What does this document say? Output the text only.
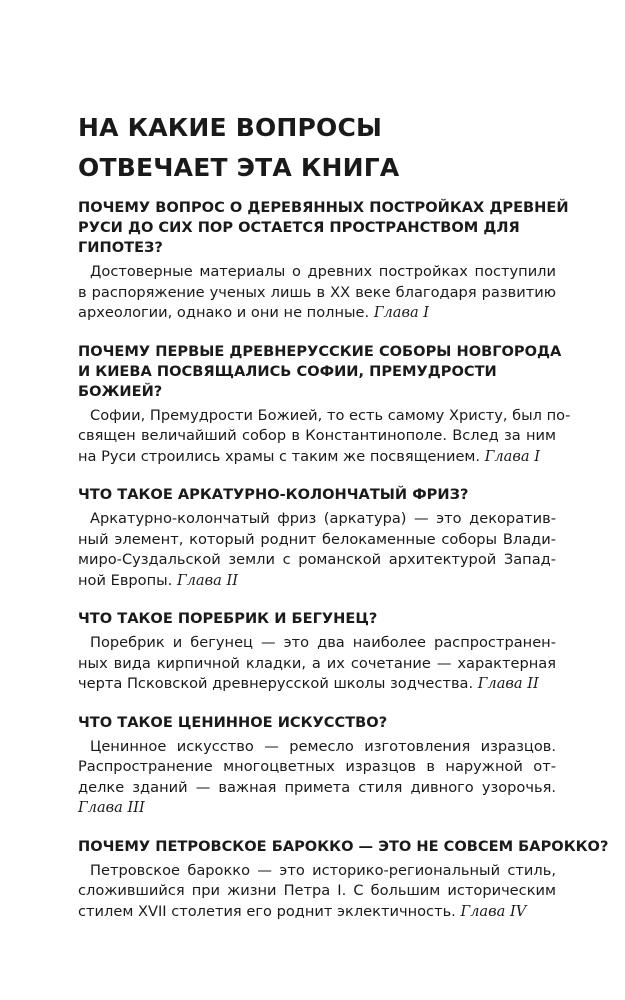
НА КАКИЕ ВОПРОСЫ
ОТВЕЧАЕТ ЭТА КНИГА
ПОЧЕМУ ВОПРОС О ДЕРЕВЯННЫХ ПОСТРОЙКАХ ДРЕВНЕЙ
РУСИ ДО СИХ ПОР ОСТАЕТСЯ ПРОСТРАНСТВОМ ДЛЯ
ГИПОТЕЗ?
Достоверные материалы о древних постройках поступили
в распоряжение ученых лишь в XX веке благодаря развитию
археологии, однако и они не полные. Глава I
ПОЧЕМУ ПЕРВЫЕ ДРЕВНЕРУССКИЕ СОБОРЫ НОВГОРОДА
И КИЕВА ПОСВЯЩАЛИСЬ СОФИИ, ПРЕМУДРОСТИ
БОЖИЕЙ?
Софии, Премудрости Божией, то есть самому Христу, был по-
священ величайший собор в Константинополе. Вслед за ним
на Руси строились храмы с таким же посвящением. Глава I
ЧТО ТАКОЕ АРКАТУРНО-КОЛОНЧАТЫЙ ФРИЗ?
Аркатурно-колончатый фриз (аркатура) — это декоратив-
ный элемент, который роднит белокаменные соборы Влади-
миро-Суздальской земли с романской архитектурой Запад-
ной Европы. Глава II
ЧТО ТАКОЕ ПОРЕБРИК И БЕГУНЕЦ?
Поребрик и бегунец — это два наиболее распространен-
ных вида кирпичной кладки, а их сочетание — характерная
черта Псковской древнерусской школы зодчества. Глава II
ЧТО ТАКОЕ ЦЕНИННОЕ ИСКУССТВО?
Ценинное искусство — ремесло изготовления изразцов.
Распространение многоцветных изразцов в наружной от-
делке зданий — важная примета стиля дивного узорочья.
Глава III
ПОЧЕМУ ПЕТРОВСКОЕ БАРОККО — ЭТО НЕ СОВСЕМ БАРОККО?
Петровское барокко — это историко-региональный стиль,
сложившийся при жизни Петра I. С большим историческим
стилем XVII столетия его роднит эклектичность. Глава IV
